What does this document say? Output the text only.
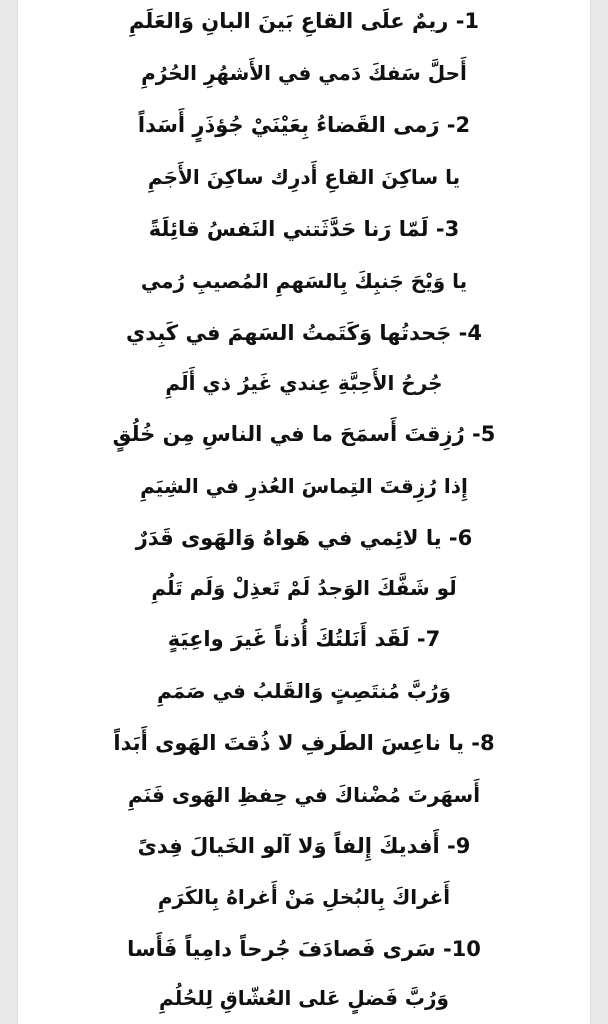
1- ريمٌ علَى القاعِ بَينَ البانِ وَالعَلَمِ
أَحلَّ سَفكَ دَمي في الأَشهُرِ الحُرُمِ
2- رَمى القَضاءُ بِعَيْنَيْ جُؤذَرٍ أَسَداً
يا ساكِنَ القاعِ أَدرِك ساكِنَ الأَجَمِ
3- لَمّا رَنا حَدَّثَتني النَفسُ قائِلَةً
يا وَيْحَ جَنبِكَ بِالسَهمِ المُصيبِ رُمي
4- جَحدتُها وَكَتَمتُ السَهمَ في كَبِدي
جُرحُ الأَحِبَّةِ عِندي غَيرُ ذي أَلَمِ
5- رُزِقتَ أَسمَحَ ما في الناسِ مِن خُلُقٍ
إِذا رُزِقتَ التِماسَ العُذرِ في الشِيَمِ
6- يا لائِمي في هَواهُ وَالهَوى قَدَرٌ
لَو شَفَّكَ الوَجدُ لَمْ تَعذِلْ وَلَم تَلُمِ
7- لَقَد أَنَلتُكَ أُذناً غَيرَ واعِيَةٍ
وَرُبَّ مُنتَصِتٍ وَالقَلبُ في صَمَمِ
8- يا ناعِسَ الطَرفِ لا ذُقتَ الهَوى أَبَداً
أَسهَرتَ مُضْناكَ في حِفظِ الهَوى فَنَمِ
9- أَفديكَ إِلفاً وَلا آلو الخَيالَ فِدىً
أَغراكَ بِالبُخلِ مَنْ أَغراهُ بِالكَرَمِ
10- سَرى فَصادَفَ جُرحاً دامِياً فَأَسا
وَرُبَّ فَضلٍ عَلى العُشّاقِ لِلحُلُمِ
